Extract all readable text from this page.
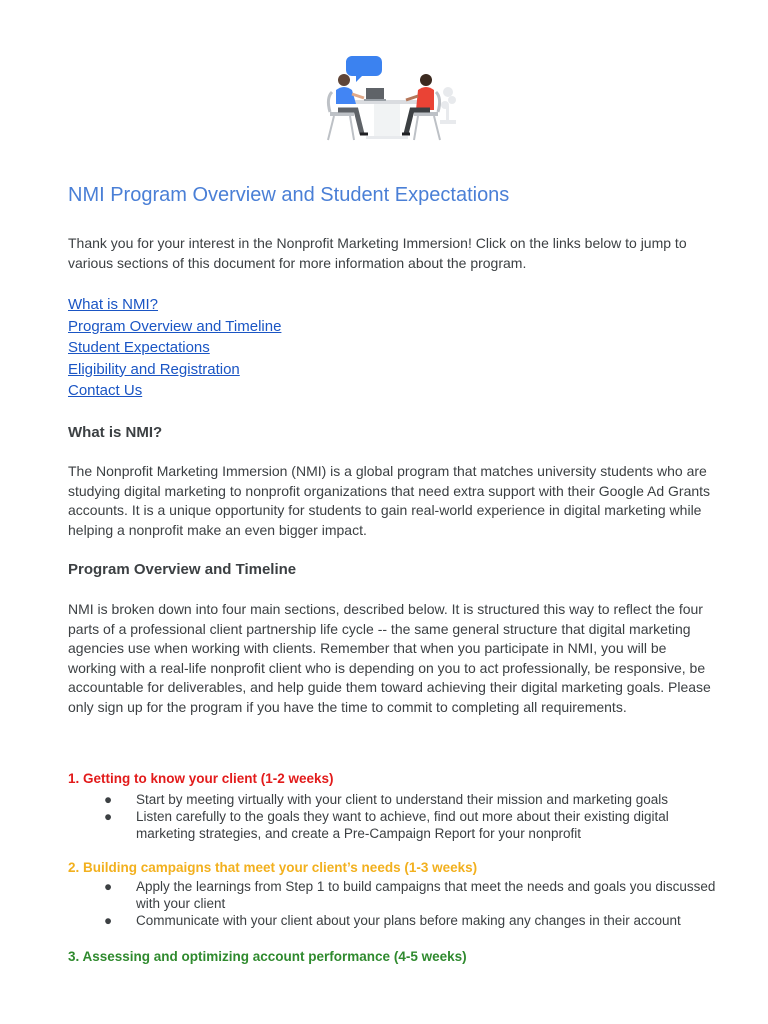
NMI Program Overview and Student Expectations

Thank you for your interest in the Nonprofit Marketing Immersion! Click on the links below to jump to various sections of this document for more information about the program.

What is NMI?
Program Overview and Timeline
Student Expectations
Eligibility and Registration
Contact Us
What is NMI?

The Nonprofit Marketing Immersion (NMI) is a global program that matches university students who are studying digital marketing to nonprofit organizations that need extra support with their Google Ad Grants accounts. It is a unique opportunity for students to gain real-world experience in digital marketing while helping a nonprofit make an even bigger impact.

Program Overview and Timeline

NMI is broken down into four main sections, described below. It is structured this way to reflect the four parts of a professional client partnership life cycle -- the same general structure that digital marketing agencies use when working with clients. Remember that when you participate in NMI, you will be working with a real-life nonprofit client who is depending on you to act professionally, be responsive, be accountable for deliverables, and help guide them toward achieving their digital marketing goals. Please only sign up for the program if you have the time to commit to completing all requirements.

1. Getting to know your client (1-2 weeks)
● Start by meeting virtually with your client to understand their mission and marketing goals
● Listen carefully to the goals they want to achieve, find out more about their existing digital marketing strategies, and create a Pre-Campaign Report for your nonprofit
2. Building campaigns that meet your client’s needs (1-3 weeks)
● Apply the learnings from Step 1 to build campaigns that meet the needs and goals you discussed with your client
● Communicate with your client about your plans before making any changes in their account
3. Assessing and optimizing account performance (4-5 weeks)
